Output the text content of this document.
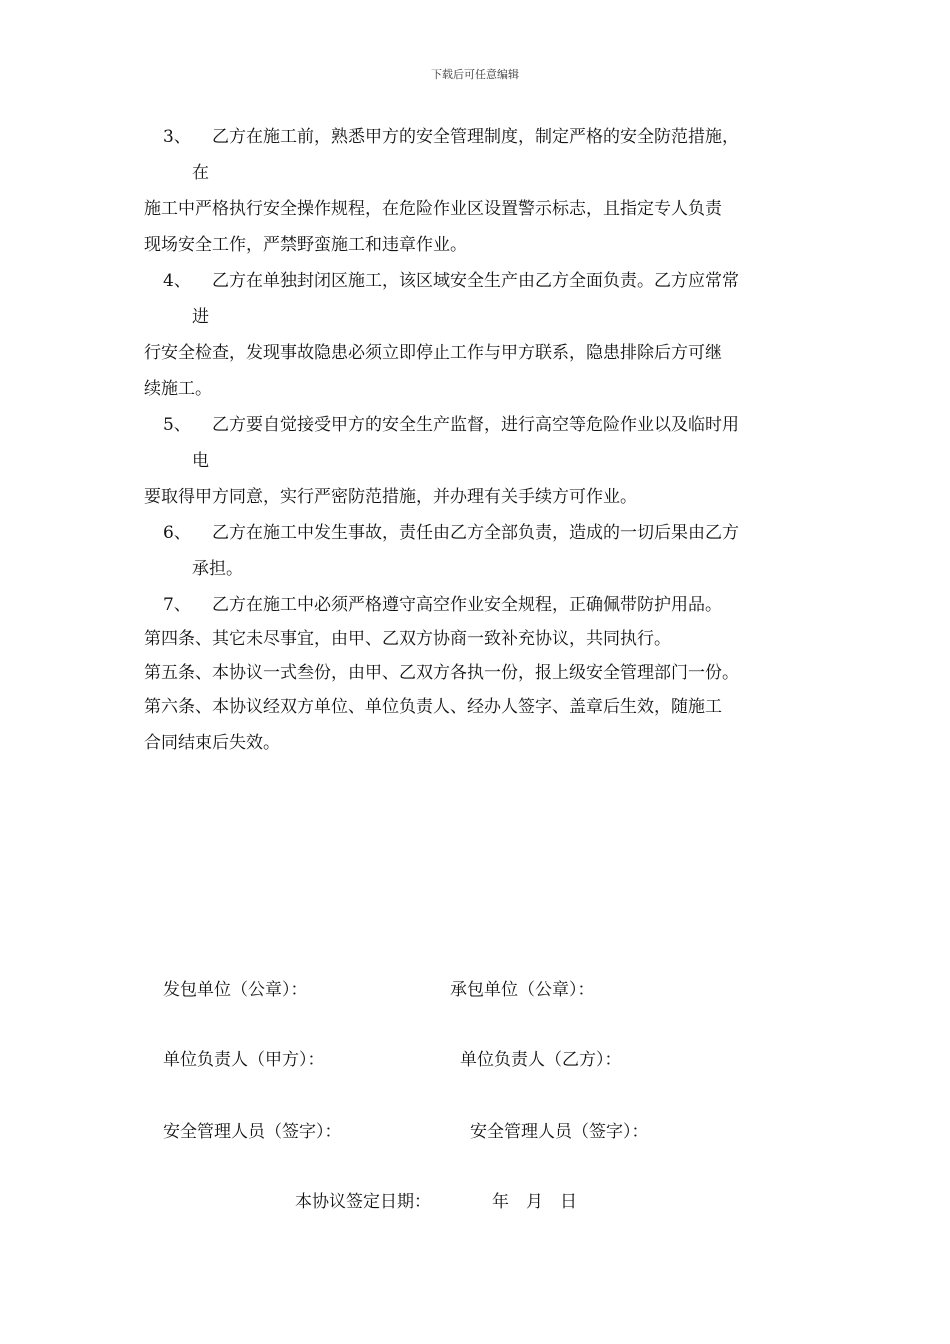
下载后可任意编辑
3、 乙方在施工前，熟悉甲方的安全管理制度，制定严格的安全防范措施，
在
施工中严格执行安全操作规程，在危险作业区设置警示标志，且指定专人负责
现场安全工作，严禁野蛮施工和违章作业。
4、 乙方在单独封闭区施工，该区域安全生产由乙方全面负责。乙方应常常
进
行安全检查，发现事故隐患必须立即停止工作与甲方联系，隐患排除后方可继
续施工。
5、 乙方要自觉接受甲方的安全生产监督，进行高空等危险作业以及临时用
电
要取得甲方同意，实行严密防范措施，并办理有关手续方可作业。
6、 乙方在施工中发生事故，责任由乙方全部负责，造成的一切后果由乙方
承担。
7、 乙方在施工中必须严格遵守高空作业安全规程，正确佩带防护用品。
第四条、其它未尽事宜，由甲、乙双方协商一致补充协议，共同执行。
第五条、本协议一式叁份，由甲、乙双方各执一份，报上级安全管理部门一份。
第六条、本协议经双方单位、单位负责人、经办人签字、盖章后生效，随施工
合同结束后失效。
发包单位（公章）：	承包单位（公章）：
单位负责人（甲方）：	单位负责人（乙方）：
安全管理人员（签字）：	安全管理人员（签字）：
本协议签定日期：	年 月 日
